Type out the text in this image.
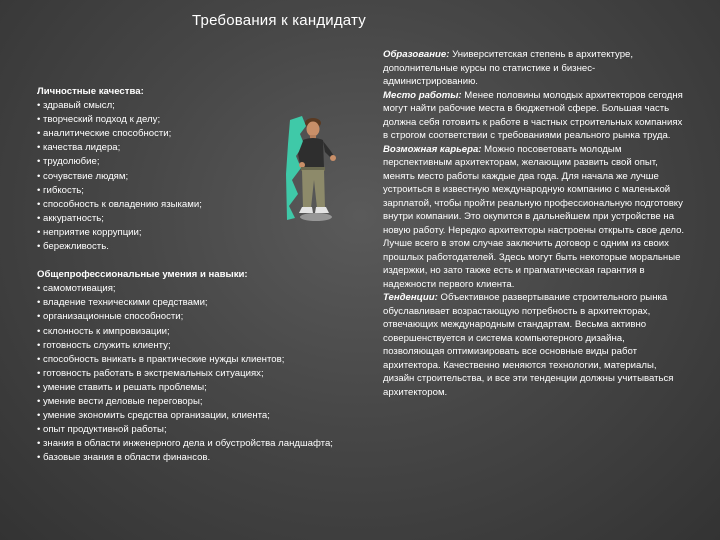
Требования к кандидату
Личностные качества:
• здравый смысл;
• творческий подход к делу;
• аналитические способности;
• качества лидера;
• трудолюбие;
• сочувствие людям;
• гибкость;
• способность к овладению языками;
• аккуратность;
• неприятие коррупции;
• бережливость.
Общепрофессиональные умения и навыки:
• самомотивация;
• владение техническими средствами;
• организационные способности;
• склонность к импровизации;
• готовность служить клиенту;
• способность вникать в практические нужды клиентов;
• готовность работать в экстремальных ситуациях;
• умение ставить и решать проблемы;
• умение вести деловые переговоры;
• умение экономить средства организации, клиента;
• опыт продуктивной работы;
• знания в области инженерного дела и обустройства ландшафта;
• базовые знания в области финансов.

Образование: Университетская степень в архитектуре, дополнительные курсы по статистике и бизнес-администрированию.

Место работы: Менее половины молодых архитекторов сегодня могут найти рабочие места в бюджетной сфере. Большая часть должна себя готовить к работе в частных строительных компаниях в строгом соответствии с требованиями реального рынка труда.

Возможная карьера: Можно посоветовать молодым перспективным архитекторам, желающим развить свой опыт, менять место работы каждые два года. Для начала же лучше устроиться в известную международную компанию с маленькой зарплатой, чтобы пройти реальную профессиональную подготовку внутри компании. Это окупится в дальнейшем при устройстве на новую работу. Нередко архитекторы настроены открыть свое дело. Лучше всего в этом случае заключить договор с одним из своих прошлых работодателей. Здесь могут быть некоторые моральные издержки, но зато также есть и прагматическая гарантия в надежности первого клиента.

Тенденции: Объективное развертывание строительного рынка обуславливает возрастающую потребность в архитекторах, отвечающих международным стандартам. Весьма активно совершенствуется и система компьютерного дизайна, позволяющая оптимизировать все основные виды работ архитектора. Качественно меняются технологии, материалы, дизайн строительства, и все эти тенденции должны учитываться архитектором.
